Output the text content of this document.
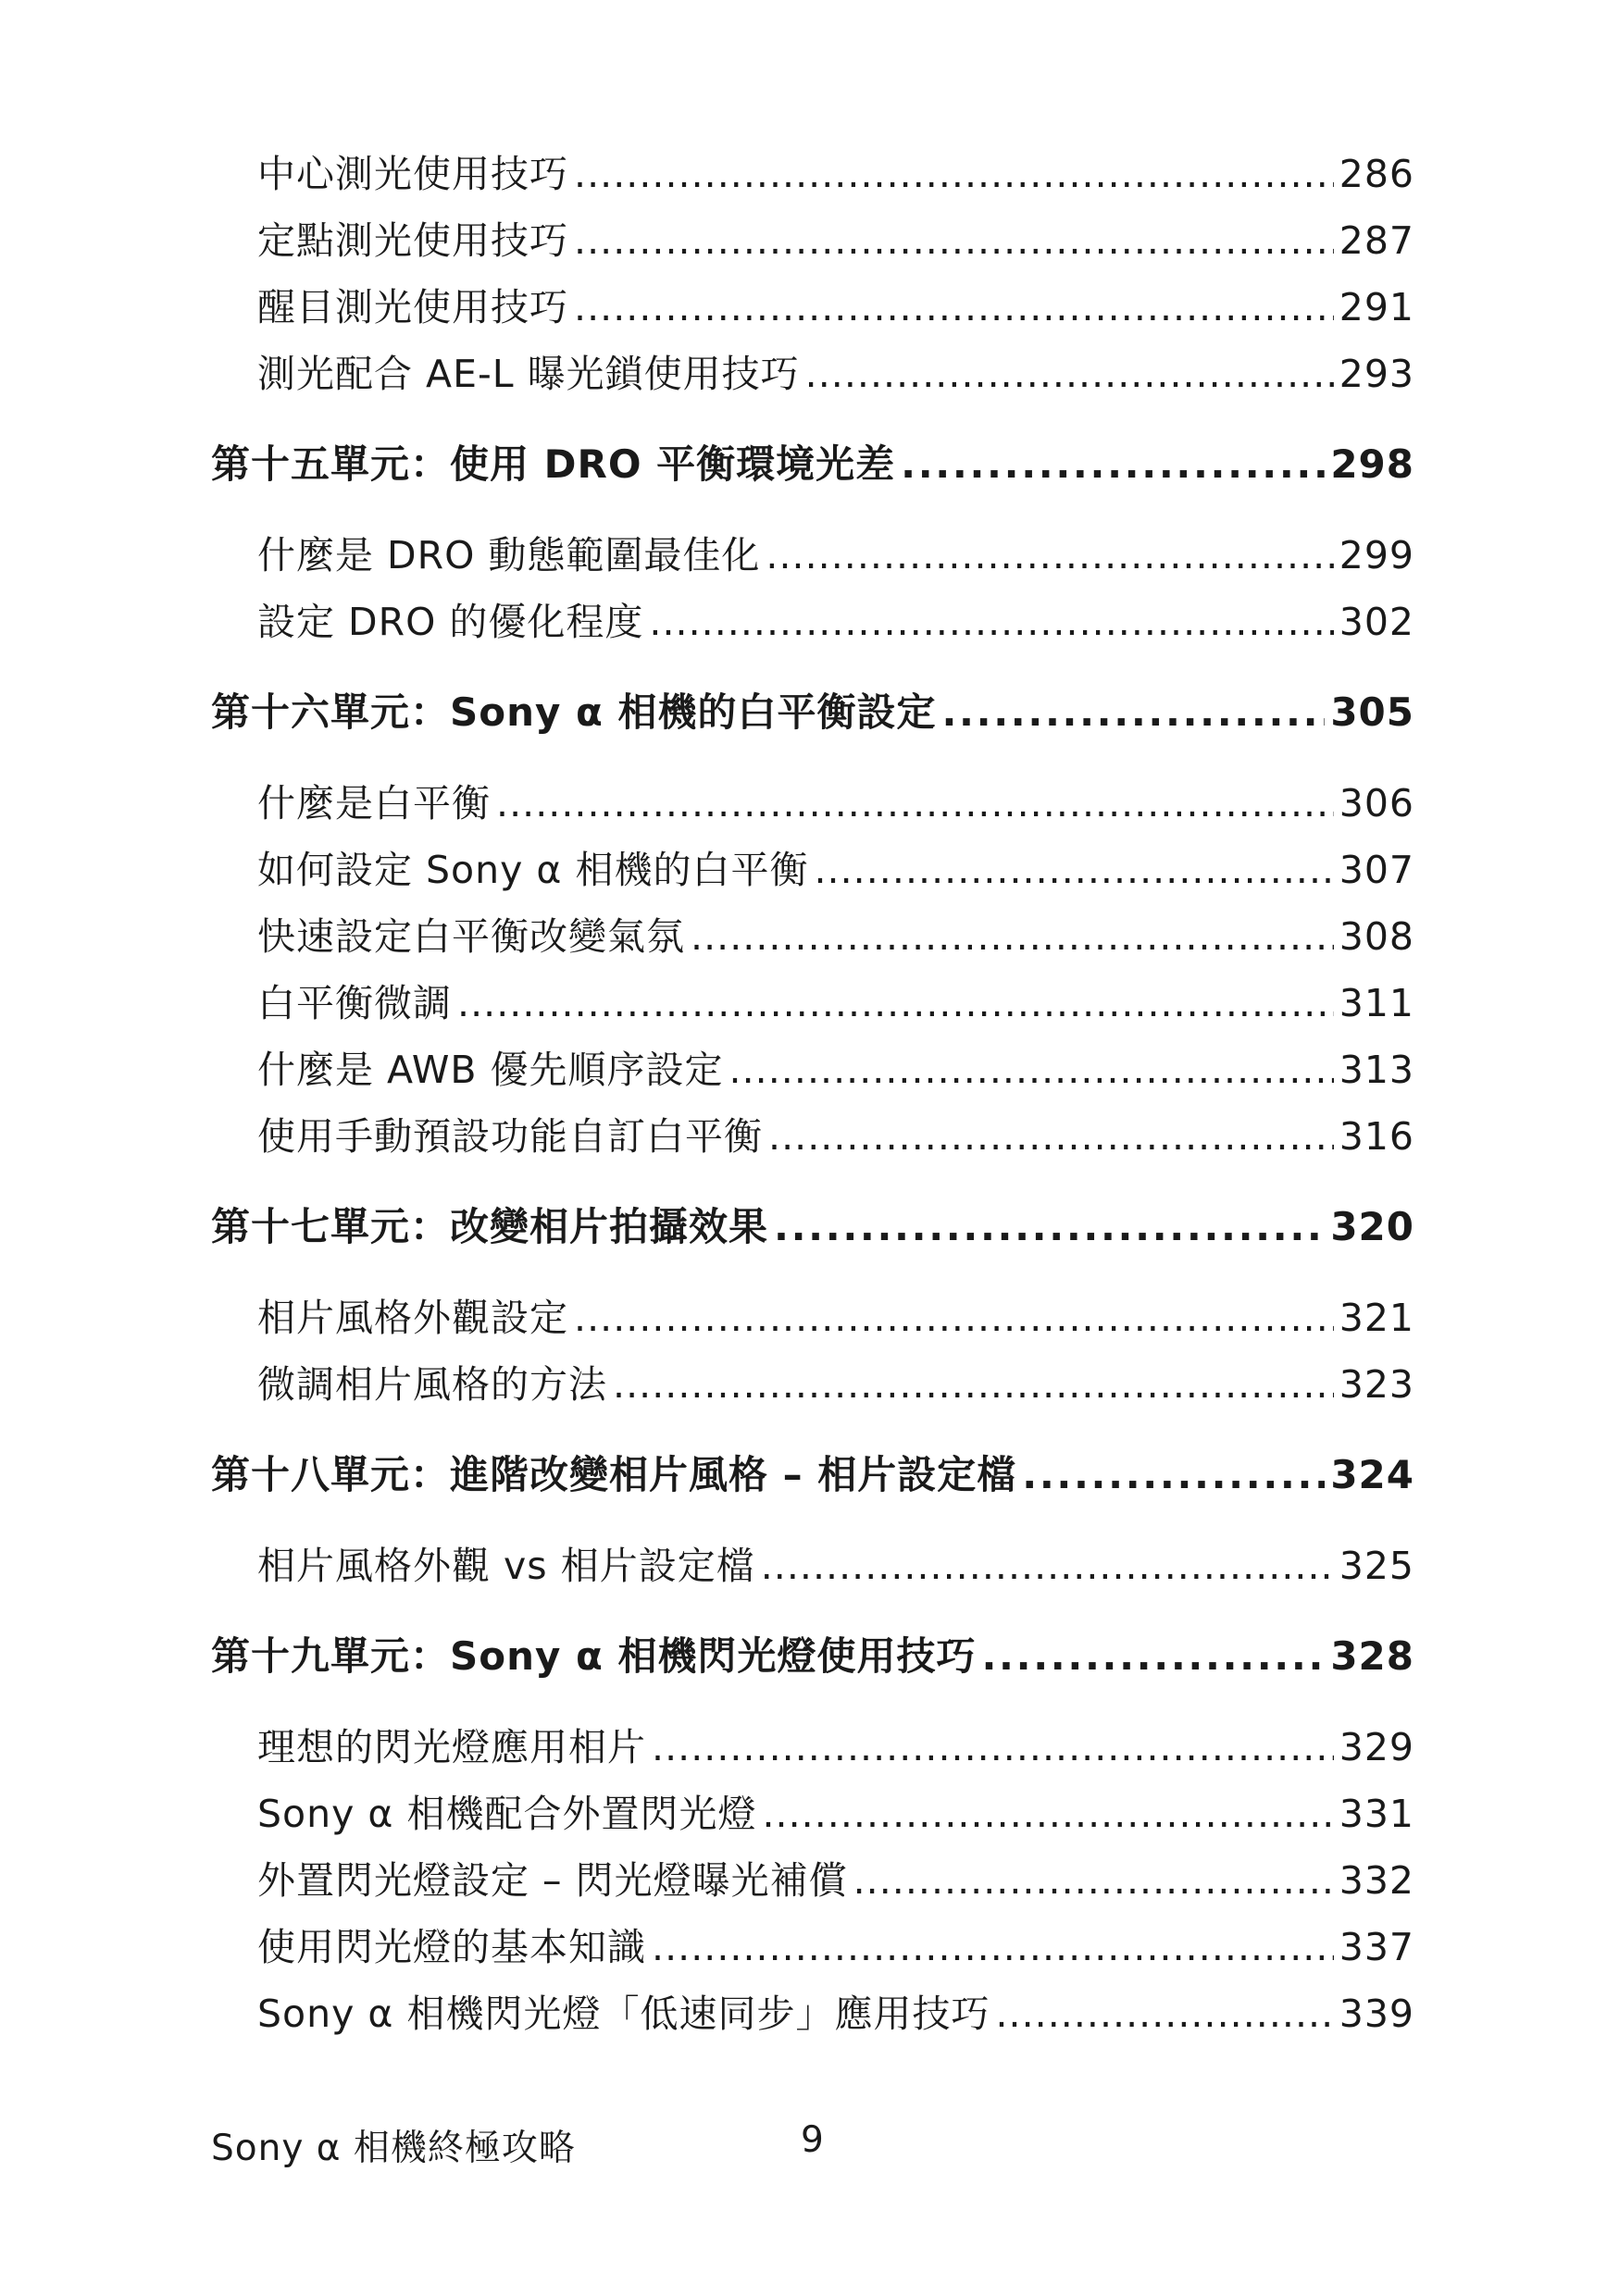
中心測光使用技巧 . . .	286
定點測光使用技巧 . . .	287
醒目測光使用技巧 . . .	291
測光配合 AE-L 曝光鎖使用技巧 . . .	293
第十五單元：使用 DRO 平衡環境光差 . . .	298
什麼是 DRO 動態範圍最佳化 . . .	299
設定 DRO 的優化程度 . . .	302
第十六單元：Sony α 相機的白平衡設定 . . .	305
什麼是白平衡 . . .	306
如何設定 Sony α 相機的白平衡 . . .	307
快速設定白平衡改變氣氛 . . .	308
白平衡微調 . . .	311
什麼是 AWB 優先順序設定 . . .	313
使用手動預設功能自訂白平衡 . . .	316
第十七單元：改變相片拍攝效果 . . .	320
相片風格外觀設定 . . .	321
微調相片風格的方法 . . .	323
第十八單元：進階改變相片風格 – 相片設定檔 . . .	324
相片風格外觀 vs 相片設定檔 . . .	325
第十九單元：Sony α 相機閃光燈使用技巧 . . .	328
理想的閃光燈應用相片 . . .	329
Sony α 相機配合外置閃光燈 . . .	331
外置閃光燈設定 – 閃光燈曝光補償 . . .	332
使用閃光燈的基本知識 . . .	337
Sony α 相機閃光燈「低速同步」應用技巧 . . .	339
Sony α 相機終極攻略	9
